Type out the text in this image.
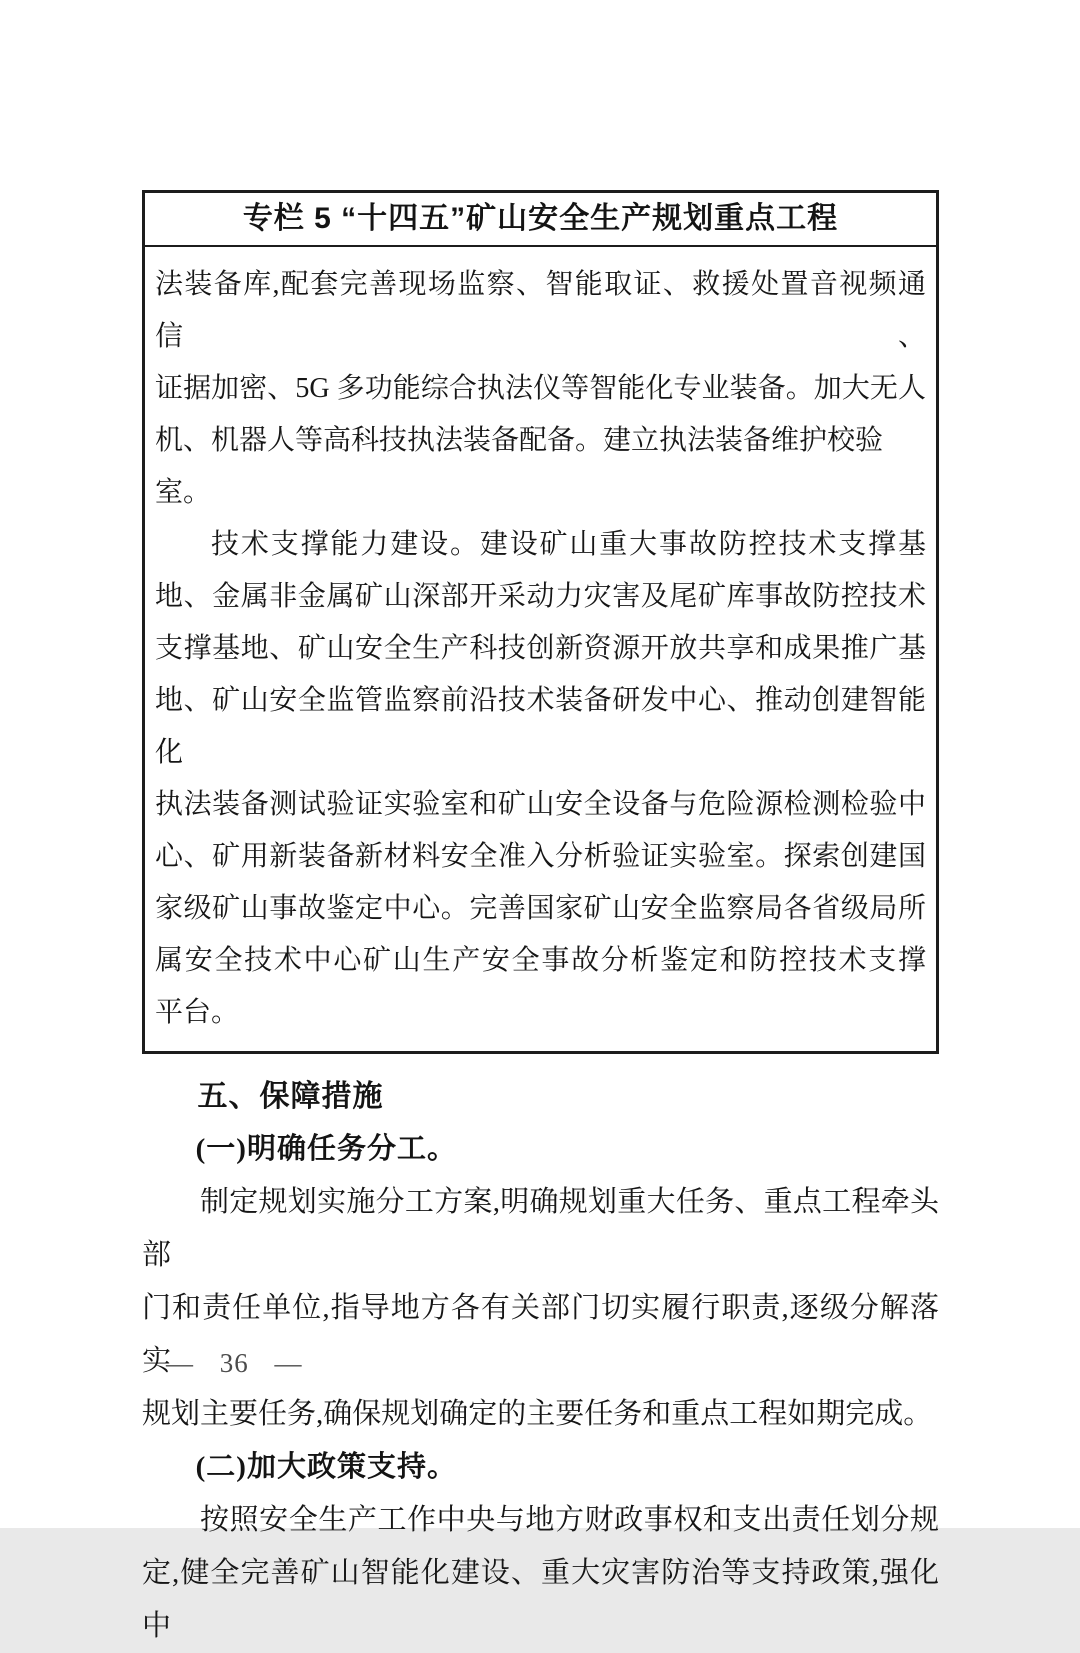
专栏 5 “十四五”矿山安全生产规划重点工程
法装备库,配套完善现场监察、智能取证、救援处置音视频通信、
证据加密、5G 多功能综合执法仪等智能化专业装备。加大无人
机、机器人等高科技执法装备配备。建立执法装备维护校验室。
技术支撑能力建设。建设矿山重大事故防控技术支撑基
地、金属非金属矿山深部开采动力灾害及尾矿库事故防控技术
支撑基地、矿山安全生产科技创新资源开放共享和成果推广基
地、矿山安全监管监察前沿技术装备研发中心、推动创建智能化
执法装备测试验证实验室和矿山安全设备与危险源检测检验中
心、矿用新装备新材料安全准入分析验证实验室。探索创建国
家级矿山事故鉴定中心。完善国家矿山安全监察局各省级局所
属安全技术中心矿山生产安全事故分析鉴定和防控技术支撑
平台。
五、保障措施
(一)明确任务分工。
制定规划实施分工方案,明确规划重大任务、重点工程牵头部
门和责任单位,指导地方各有关部门切实履行职责,逐级分解落实
规划主要任务,确保规划确定的主要任务和重点工程如期完成。
(二)加大政策支持。
按照安全生产工作中央与地方财政事权和支出责任划分规
定,健全完善矿山智能化建设、重大灾害防治等支持政策,强化中
— 36 —
